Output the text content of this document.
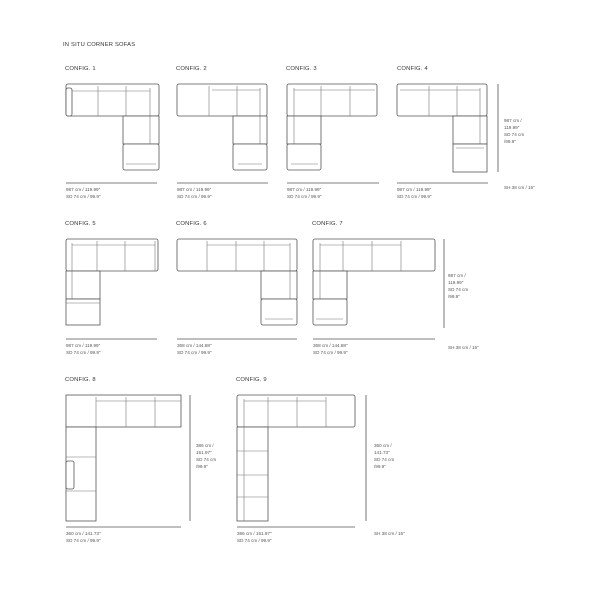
IN SITU CORNER SOFAS
CONFIG. 1	CONFIG. 2	CONFIG. 3	CONFIG. 4
CONFIG. 5	CONFIG. 6	CONFIG. 7
CONFIG. 8	CONFIG. 9
987 cm / 119.99"
SD 74 cm / 99.9"
987 cm / 119.99"
SD 74 cm / 99.9"
987 cm / 119.99"
SD 74 cm / 99.9"
987 cm / 119.99"
SD 74 cm / 99.9"
987 cm / 119.99"
SD 74 cm / 99.9"
368 cm / 144.88"
SD 74 cm / 99.9"
368 cm / 144.88"
SD 74 cm / 99.9"
360 cm / 141.73"
SD 74 cm / 99.9"
386 cm / 151.97"
SD 74 cm / 99.9"
987 cm /
119.99"
SD 74 cm
/99.9"
SH 38 cm / 15"
987 cm /
119.99"
SD 74 cm
/99.9"
SH 38 cm / 15"
386 cm /
151.97"
SD 74 cm
/99.9"
360 cm /
141.73"
SD 74 cm
/99.9"
SH 38 cm / 15"
